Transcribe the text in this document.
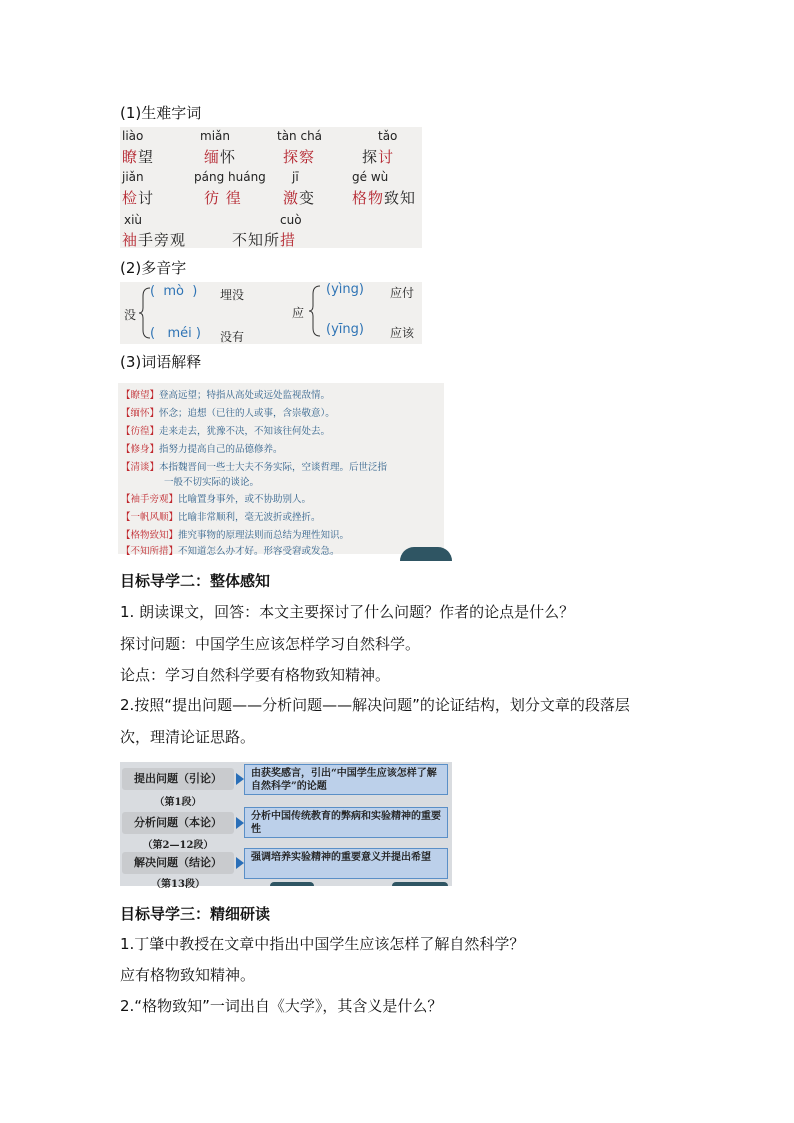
(1)生难字词
liào
瞭望
miǎn
缅怀
tàn chá
探察
tǎo
探讨
jiǎn
检讨
páng huáng
彷 徨
jī
激变
gé wù
格物致知
xiù
袖手旁观
cuò
不知所措
(2)多音字
没
(  mò  ) 埋没
(   méi ) 没有
应
(yìng) 应付
(yīng) 应该
(3)词语解释
【瞭望】登高远望；特指从高处或远处监视敌情。
【缅怀】怀念；追想（已往的人或事，含崇敬意）。
【彷徨】走来走去，犹豫不决，不知该往何处去。
【修身】指努力提高自己的品德修养。
【清谈】本指魏晋间一些士大夫不务实际，空谈哲理。后世泛指
一般不切实际的谈论。
【袖手旁观】比喻置身事外，或不协助别人。
【一帆风顺】比喻非常顺利，毫无波折或挫折。
【格物致知】推究事物的原理法则而总结为理性知识。
【不知所措】不知道怎么办才好。形容受窘或发急。
目标导学二：整体感知
1. 朗读课文，回答：本文主要探讨了什么问题？作者的论点是什么？
探讨问题：中国学生应该怎样学习自然科学。
论点：学习自然科学要有格物致知精神。
2.按照“提出问题——分析问题——解决问题”的论证结构，划分文章的段落层
次，理清论证思路。
提出问题（引论）
（第1段）
由获奖感言，引出“中国学生应该怎样了解自然科学”的论题
分析问题（本论）
（第2—12段）
分析中国传统教育的弊病和实验精神的重要性
解决问题（结论）
（第13段）
强调培养实验精神的重要意义并提出希望
目标导学三：精细研读
1.丁肇中教授在文章中指出中国学生应该怎样了解自然科学？
应有格物致知精神。
2.“格物致知”一词出自《大学》，其含义是什么？
